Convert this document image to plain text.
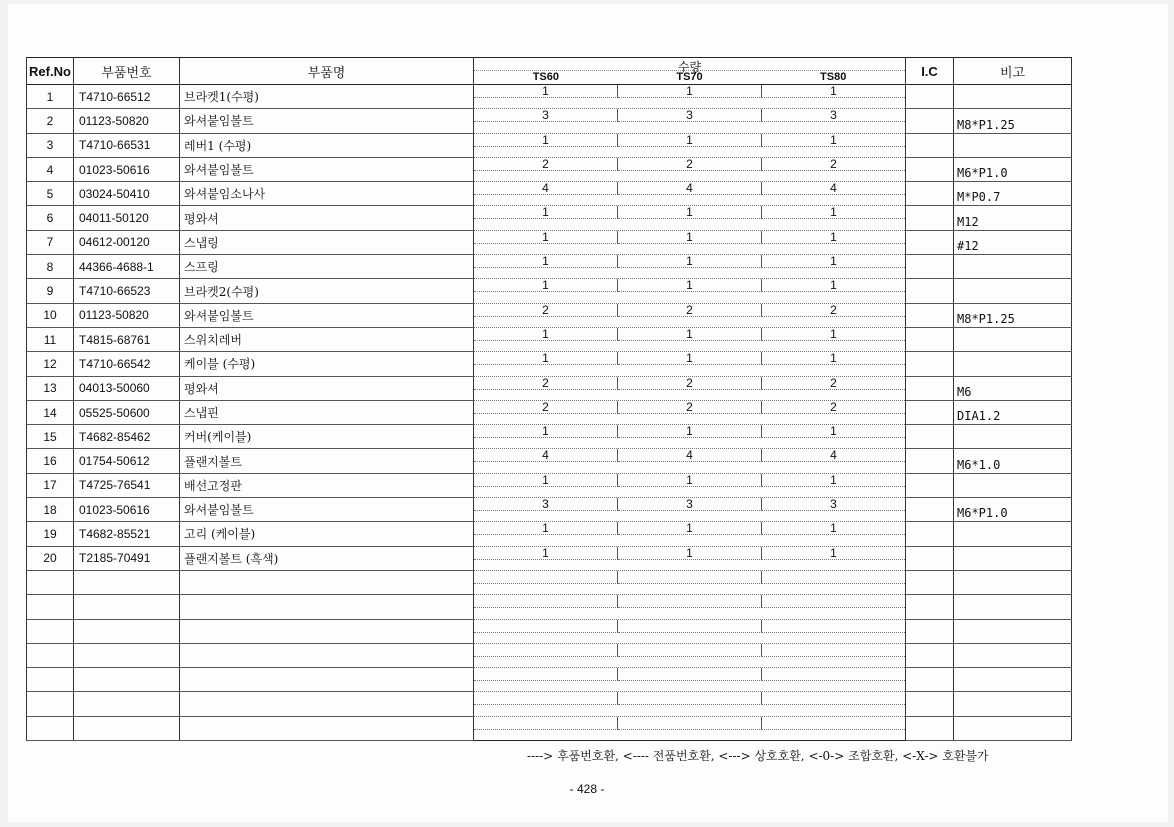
Ref.No	부품번호	부품명	수량
TS60 TS70 TS80	I.C	비고
1	T4710-66512	브라켓1(수평)	1 1 1		

2	01123-50820	와셔붙임볼트	3 3 3		M8*P1.25
3	T4710-66531	레버1 (수평)	1 1 1		

4	01023-50616	와셔붙임볼트	2 2 2		M6*P1.0
5	03024-50410	와셔붙임소나사	4 4 4		M*P0.7
6	04011-50120	평와셔	1 1 1		M12
7	04612-00120	스냅링	1 1 1		#12
8	44366-4688-1	스프링	1 1 1		

9	T4710-66523	브라켓2(수평)	1 1 1		

10	01123-50820	와셔붙임볼트	2 2 2		M8*P1.25
11	T4815-68761	스위치레버	1 1 1		

12	T4710-66542	케이블 (수평)	1 1 1		

13	04013-50060	평와셔	2 2 2		M6
14	05525-50600	스냅핀	2 2 2		DIA1.2
15	T4682-85462	커버(케이블)	1 1 1		

16	01754-50612	플랜지볼트	4 4 4		M6*1.0
17	T4725-76541	배선고정판	1 1 1		

18	01023-50616	와셔붙임볼트	3 3 3		M6*P1.0
19	T4682-85521	고리 (케이블)	1 1 1		

20	T2185-70491	플랜지볼트 (흑색)	1 1 1		

----> 후품번호환, <---- 전품번호환, <---> 상호호환, <-0-> 조합호환, <-X-> 호환불가
- 428 -
